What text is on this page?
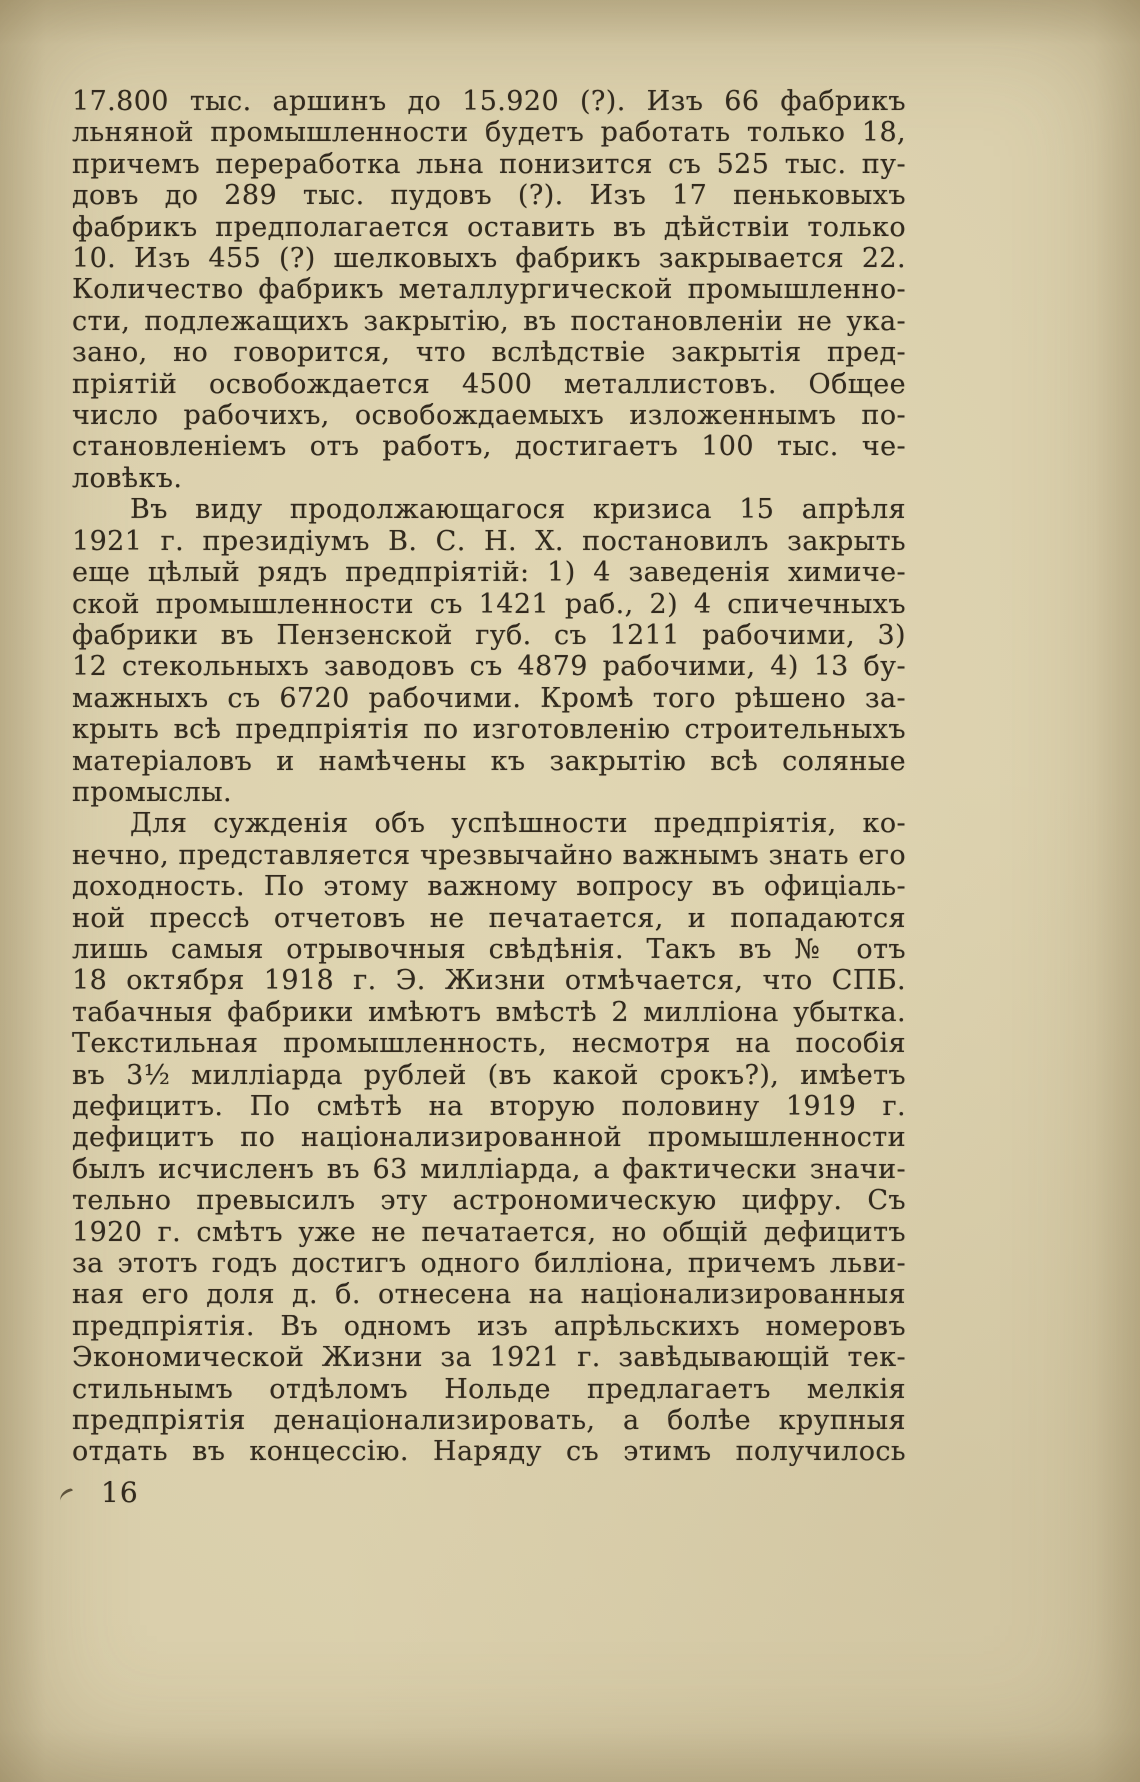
17.800 тыс. аршинъ до 15.920 (?). Изъ 66 фабрикъ
льняной промышленности будетъ работать только 18,
причемъ переработка льна понизится съ 525 тыс. пу-
довъ до 289 тыс. пудовъ (?). Изъ 17 пеньковыхъ
фабрикъ предполагается оставить въ дѣйствіи только
10. Изъ 455 (?) шелковыхъ фабрикъ закрывается 22.
Количество фабрикъ металлургической промышленно-
сти, подлежащихъ закрытію, въ постановленіи не ука-
зано, но говорится, что вслѣдствіе закрытія пред-
пріятій освобождается 4500 металлистовъ. Общее
число рабочихъ, освобождаемыхъ изложеннымъ по-
становленіемъ отъ работъ, достигаетъ 100 тыс. че-
ловѣкъ.
Въ виду продолжающагося кризиса 15 апрѣля
1921 г. президіумъ В. С. Н. Х. постановилъ закрыть
еще цѣлый рядъ предпріятій: 1) 4 заведенія химиче-
ской промышленности съ 1421 раб., 2) 4 спичечныхъ
фабрики въ Пензенской губ. съ 1211 рабочими, 3)
12 стекольныхъ заводовъ съ 4879 рабочими, 4) 13 бу-
мажныхъ съ 6720 рабочими. Кромѣ того рѣшено за-
крыть всѣ предпріятія по изготовленію строительныхъ
матеріаловъ и намѣчены къ закрытію всѣ соляные
промыслы.
Для сужденія объ успѣшности предпріятія, ко-
нечно, представляется чрезвычайно важнымъ знать его
доходность. По этому важному вопросу въ офиціаль-
ной прессѣ отчетовъ не печатается, и попадаются
лишь самыя отрывочныя свѣдѣнія. Такъ въ № отъ
18 октября 1918 г. Э. Жизни отмѣчается, что СПБ.
табачныя фабрики имѣютъ вмѣстѣ 2 милліона убытка.
Текстильная промышленность, несмотря на пособія
въ 3½ милліарда рублей (въ какой срокъ?), имѣетъ
дефицитъ. По смѣтѣ на вторую половину 1919 г.
дефицитъ по націонализированной промышленности
былъ исчисленъ въ 63 милліарда, а фактически значи-
тельно превысилъ эту астрономическую цифру. Съ
1920 г. смѣтъ уже не печатается, но общій дефицитъ
за этотъ годъ достигъ одного билліона, причемъ льви-
ная его доля д. б. отнесена на націонализированныя
предпріятія. Въ одномъ изъ апрѣльскихъ номеровъ
Экономической Жизни за 1921 г. завѣдывающій тек-
стильнымъ отдѣломъ Нольде предлагаетъ мелкія
предпріятія денаціонализировать, а болѣе крупныя
отдать въ концессію. Наряду съ этимъ получилось
16
